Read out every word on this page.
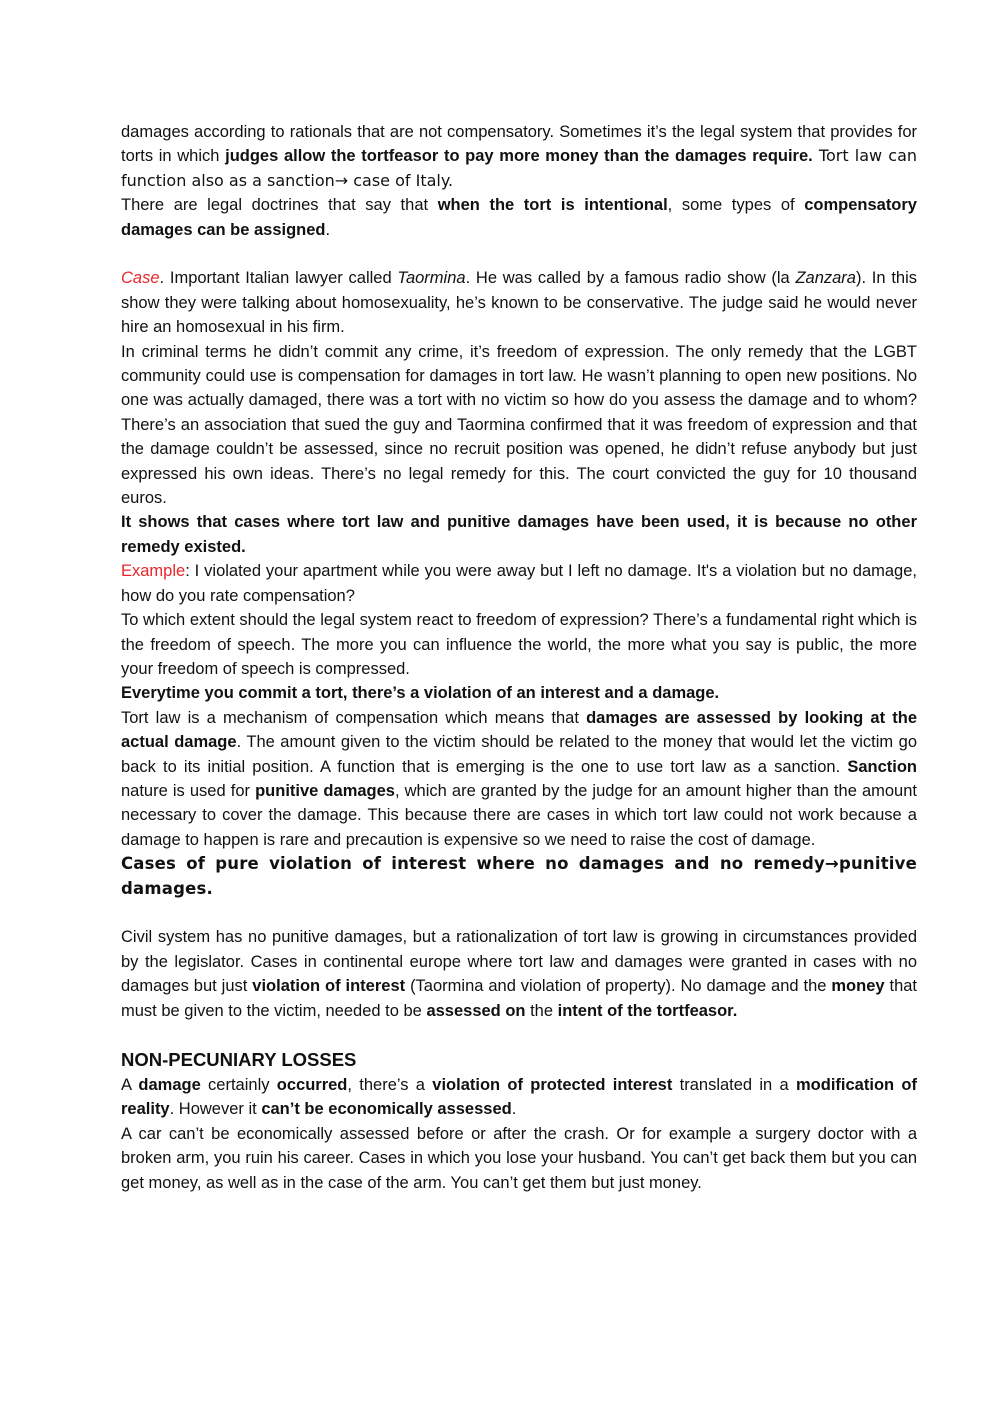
damages according to rationals that are not compensatory. Sometimes it’s the legal system that provides for torts in which judges allow the tortfeasor to pay more money than the damages require. Tort law can function also as a sanction→ case of Italy.

There are legal doctrines that say that when the tort is intentional, some types of compensatory damages can be assigned.

Case. Important Italian lawyer called Taormina. He was called by a famous radio show (la Zanzara). In this show they were talking about homosexuality, he’s known to be conservative. The judge said he would never hire an homosexual in his firm.

In criminal terms he didn’t commit any crime, it’s freedom of expression. The only remedy that the LGBT community could use is compensation for damages in tort law. He wasn’t planning to open new positions. No one was actually damaged, there was a tort with no victim so how do you assess the damage and to whom? There’s an association that sued the guy and Taormina confirmed that it was freedom of expression and that the damage couldn’t be assessed, since no recruit position was opened, he didn’t refuse anybody but just expressed his own ideas. There’s no legal remedy for this. The court convicted the guy for 10 thousand euros.

It shows that cases where tort law and punitive damages have been used, it is because no other remedy existed.

Example: I violated your apartment while you were away but I left no damage. It's a violation but no damage, how do you rate compensation?

To which extent should the legal system react to freedom of expression? There’s a fundamental right which is the freedom of speech. The more you can influence the world, the more what you say is public, the more your freedom of speech is compressed.

Everytime you commit a tort, there’s a violation of an interest and a damage.

Tort law is a mechanism of compensation which means that damages are assessed by looking at the actual damage. The amount given to the victim should be related to the money that would let the victim go back to its initial position. A function that is emerging is the one to use tort law as a sanction. Sanction nature is used for punitive damages, which are granted by the judge for an amount higher than the amount necessary to cover the damage. This because there are cases in which tort law could not work because a damage to happen is rare and precaution is expensive so we need to raise the cost of damage.

Cases of pure violation of interest where no damages and no remedy→punitive damages.

Civil system has no punitive damages, but a rationalization of tort law is growing in circumstances provided by the legislator. Cases in continental europe where tort law and damages were granted in cases with no damages but just violation of interest (Taormina and violation of property). No damage and the money that must be given to the victim, needed to be assessed on the intent of the tortfeasor.

NON-PECUNIARY LOSSES

A damage certainly occurred, there’s a violation of protected interest translated in a modification of reality. However it can’t be economically assessed.

A car can’t be economically assessed before or after the crash. Or for example a surgery doctor with a broken arm, you ruin his career. Cases in which you lose your husband. You can’t get back them but you can get money, as well as in the case of the arm. You can’t get them but just money.
